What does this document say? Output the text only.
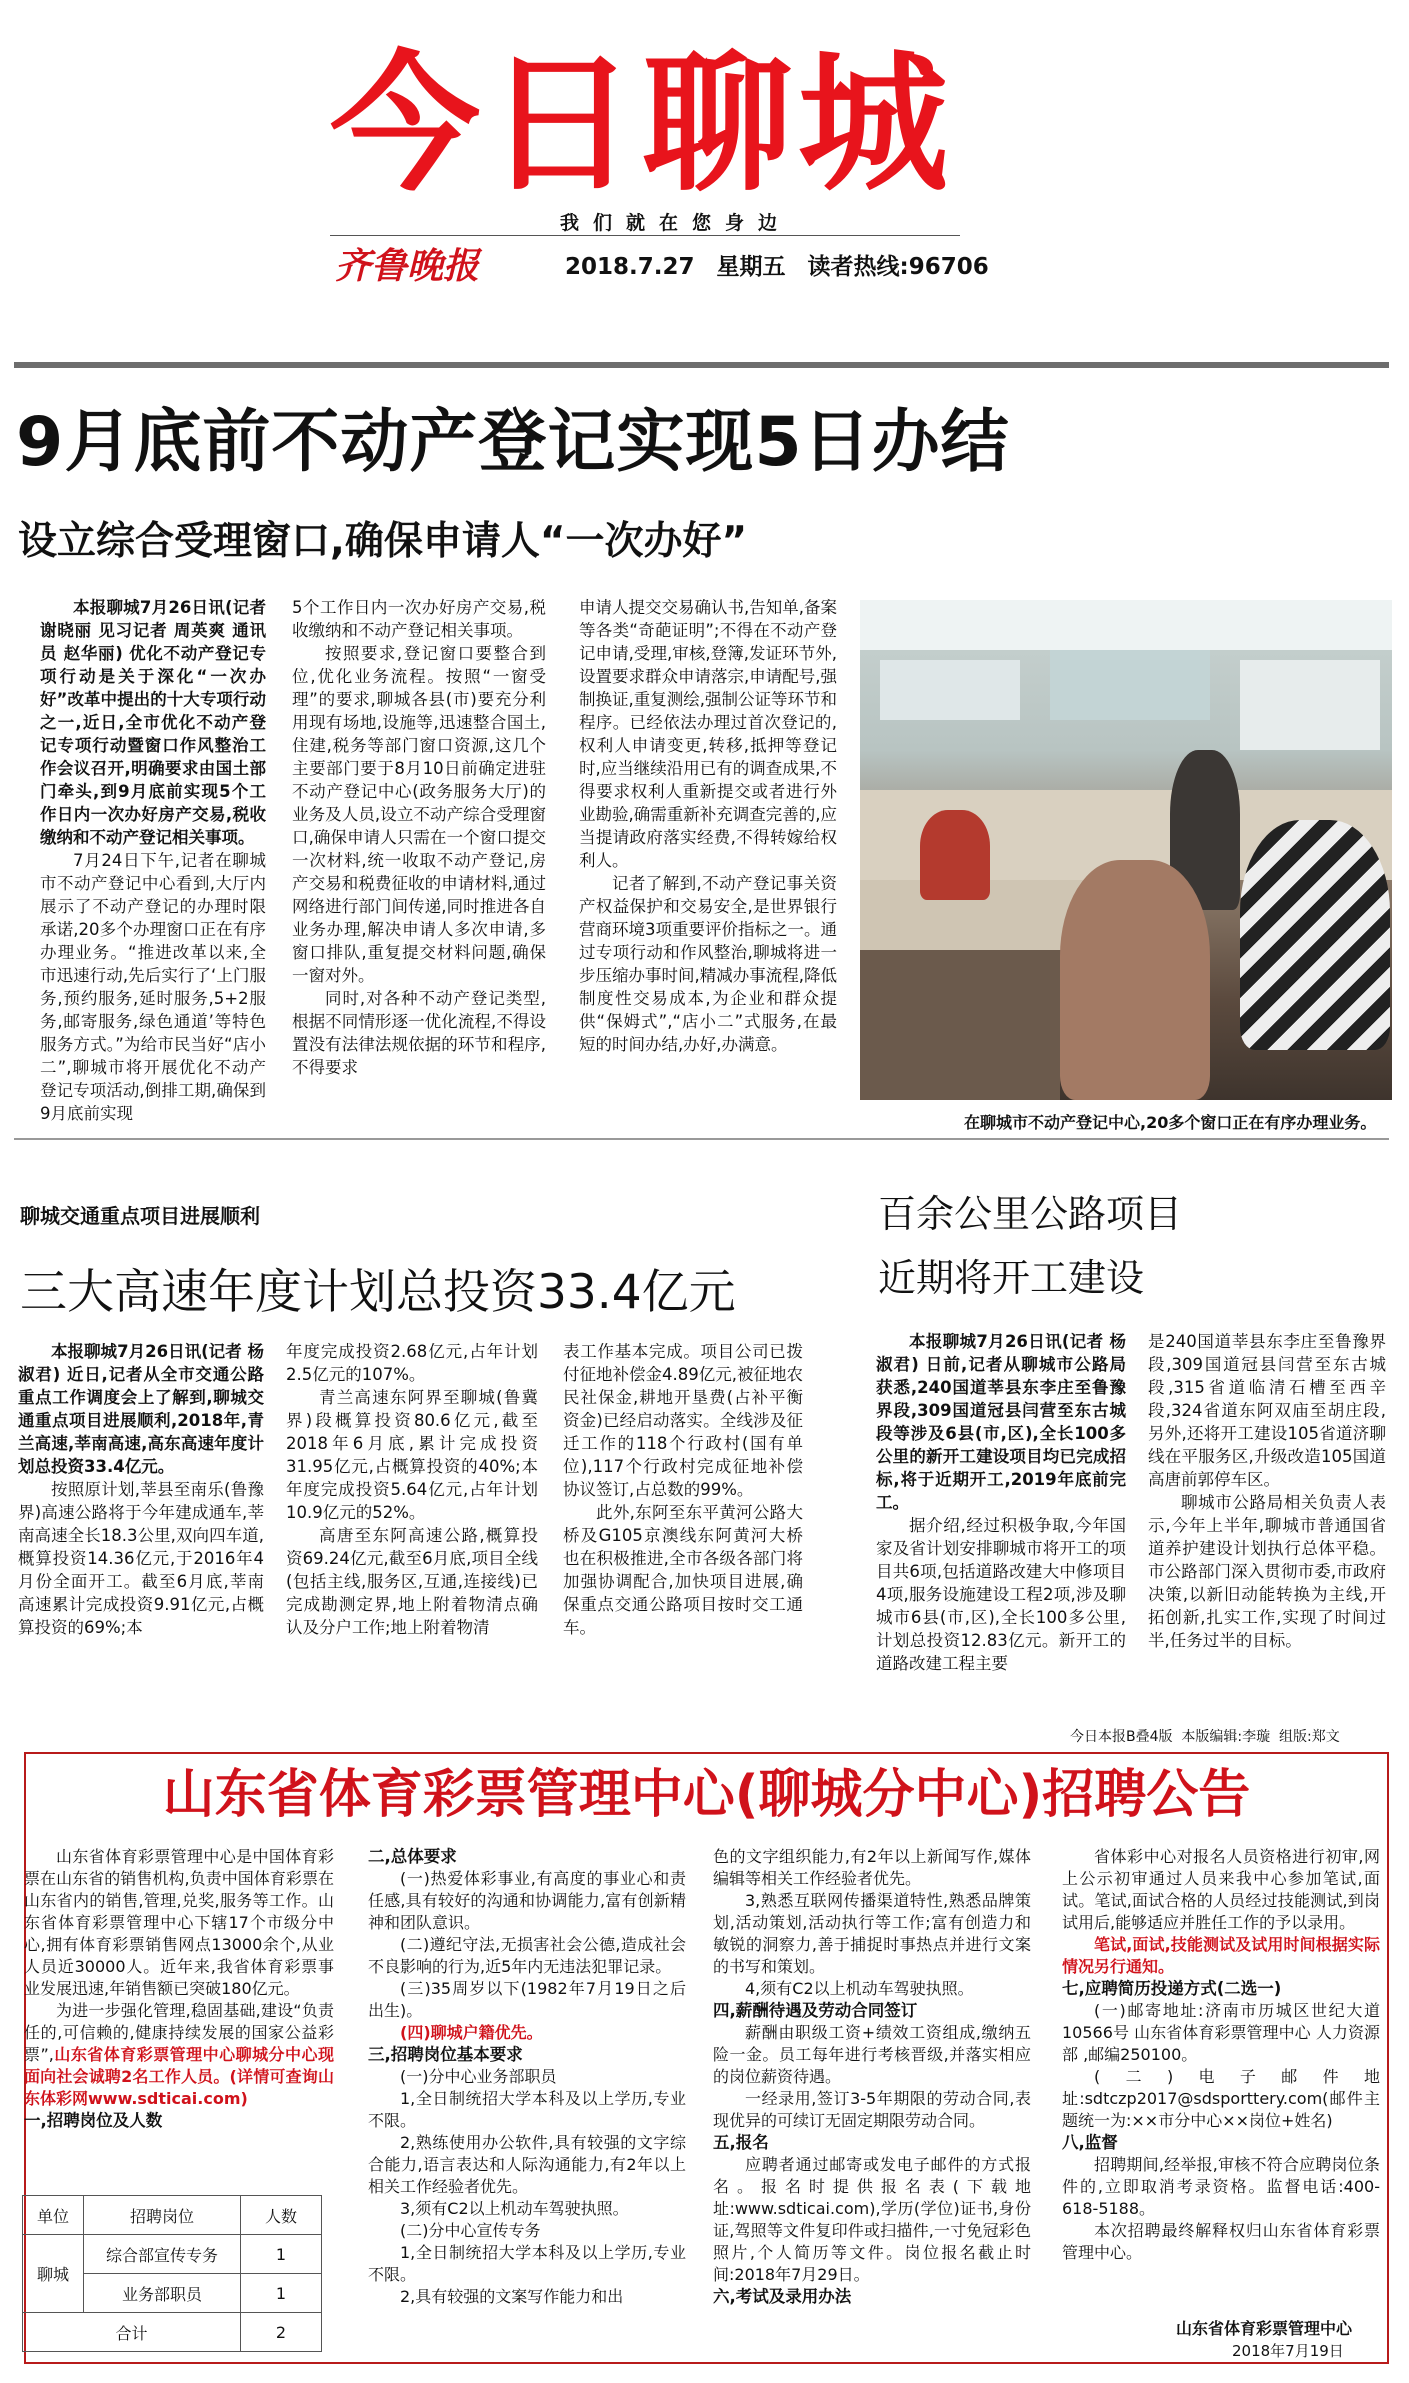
今日聊城
我们就在您身边
齐鲁晚报	2018.7.27 星期五 读者热线:96706
9月底前不动产登记实现5日办结
设立综合受理窗口,确保申请人“一次办好”

本报聊城7月26日讯(记者 谢晓丽 见习记者 周英爽 通讯员 赵华丽) 优化不动产登记专项行动是关于深化“一次办好”改革中提出的十大专项行动之一,近日,全市优化不动产登记专项行动暨窗口作风整治工作会议召开,明确要求由国土部门牵头,到9月底前实现5个工作日内一次办好房产交易,税收缴纳和不动产登记相关事项。

7月24日下午,记者在聊城市不动产登记中心看到,大厅内展示了不动产登记的办理时限承诺,20多个办理窗口正在有序办理业务。“推进改革以来,全市迅速行动,先后实行了‘上门服务,预约服务,延时服务,5+2服务,邮寄服务,绿色通道’等特色服务方式。”为给市民当好“店小二”,聊城市将开展优化不动产登记专项活动,倒排工期,确保到9月底前实现

5个工作日内一次办好房产交易,税收缴纳和不动产登记相关事项。

按照要求,登记窗口要整合到位,优化业务流程。按照“一窗受理”的要求,聊城各县(市)要充分利用现有场地,设施等,迅速整合国土,住建,税务等部门窗口资源,这几个主要部门要于8月10日前确定进驻不动产登记中心(政务服务大厅)的业务及人员,设立不动产综合受理窗口,确保申请人只需在一个窗口提交一次材料,统一收取不动产登记,房产交易和税费征收的申请材料,通过网络进行部门间传递,同时推进各自业务办理,解决申请人多次申请,多窗口排队,重复提交材料问题,确保一窗对外。

同时,对各种不动产登记类型,根据不同情形逐一优化流程,不得设置没有法律法规依据的环节和程序,不得要求

申请人提交交易确认书,告知单,备案等各类“奇葩证明”;不得在不动产登记申请,受理,审核,登簿,发证环节外,设置要求群众申请落宗,申请配号,强制换证,重复测绘,强制公证等环节和程序。已经依法办理过首次登记的,权利人申请变更,转移,抵押等登记时,应当继续沿用已有的调查成果,不得要求权利人重新提交或者进行外业勘验,确需重新补充调查完善的,应当提请政府落实经费,不得转嫁给权利人。

记者了解到,不动产登记事关资产权益保护和交易安全,是世界银行营商环境3项重要评价指标之一。通过专项行动和作风整治,聊城将进一步压缩办事时间,精减办事流程,降低制度性交易成本,为企业和群众提供“保姆式”,“店小二”式服务,在最短的时间办结,办好,办满意。

在聊城市不动产登记中心,20多个窗口正在有序办理业务。
聊城交通重点项目进展顺利
三大高速年度计划总投资33.4亿元

本报聊城7月26日讯(记者 杨淑君) 近日,记者从全市交通公路重点工作调度会上了解到,聊城交通重点项目进展顺利,2018年,青兰高速,莘南高速,高东高速年度计划总投资33.4亿元。

按照原计划,莘县至南乐(鲁豫界)高速公路将于今年建成通车,莘南高速全长18.3公里,双向四车道,概算投资14.36亿元,于2016年4月份全面开工。截至6月底,莘南高速累计完成投资9.91亿元,占概算投资的69%;本

年度完成投资2.68亿元,占年计划2.5亿元的107%。

青兰高速东阿界至聊城(鲁冀界)段概算投资80.6亿元,截至2018年6月底,累计完成投资31.95亿元,占概算投资的40%;本年度完成投资5.64亿元,占年计划10.9亿元的52%。

高唐至东阿高速公路,概算投资69.24亿元,截至6月底,项目全线(包括主线,服务区,互通,连接线)已完成勘测定界,地上附着物清点确认及分户工作;地上附着物清

表工作基本完成。项目公司已拨付征地补偿金4.89亿元,被征地农民社保金,耕地开垦费(占补平衡资金)已经启动落实。全线涉及征迁工作的118个行政村(国有单位),117个行政村完成征地补偿协议签订,占总数的99%。

此外,东阿至东平黄河公路大桥及G105京澳线东阿黄河大桥也在积极推进,全市各级各部门将加强协调配合,加快项目进展,确保重点交通公路项目按时交工通车。

百余公里公路项目
近期将开工建设

本报聊城7月26日讯(记者 杨淑君) 日前,记者从聊城市公路局获悉,240国道莘县东李庄至鲁豫界段,309国道冠县闫营至东古城段等涉及6县(市,区),全长100多公里的新开工建设项目均已完成招标,将于近期开工,2019年底前完工。

据介绍,经过积极争取,今年国家及省计划安排聊城市将开工的项目共6项,包括道路改建大中修项目4项,服务设施建设工程2项,涉及聊城市6县(市,区),全长100多公里,计划总投资12.83亿元。新开工的道路改建工程主要

是240国道莘县东李庄至鲁豫界段,309国道冠县闫营至东古城段,315省道临清石槽至西辛段,324省道东阿双庙至胡庄段,另外,还将开工建设105省道济聊线在平服务区,升级改造105国道高唐前郭停车区。

聊城市公路局相关负责人表示,今年上半年,聊城市普通国省道养护建设计划执行总体平稳。市公路部门深入贯彻市委,市政府决策,以新旧动能转换为主线,开拓创新,扎实工作,实现了时间过半,任务过半的目标。

今日本报B叠4版  本版编辑:李璇  组版:郑文
山东省体育彩票管理中心(聊城分中心)招聘公告

山东省体育彩票管理中心是中国体育彩票在山东省的销售机构,负责中国体育彩票在山东省内的销售,管理,兑奖,服务等工作。山东省体育彩票管理中心下辖17个市级分中心,拥有体育彩票销售网点13000余个,从业人员近30000人。近年来,我省体育彩票事业发展迅速,年销售额已突破180亿元。

为进一步强化管理,稳固基础,建设“负责任的,可信赖的,健康持续发展的国家公益彩票”,山东省体育彩票管理中心聊城分中心现面向社会诚聘2名工作人员。(详情可查询山东体彩网www.sdticai.com)

一,招聘岗位及人数
单位	招聘岗位	人数
聊城	综合部宣传专务	1
	业务部职员	1
合计		2
二,总体要求

(一)热爱体彩事业,有高度的事业心和责任感,具有较好的沟通和协调能力,富有创新精神和团队意识。

(二)遵纪守法,无损害社会公德,造成社会不良影响的行为,近5年内无违法犯罪记录。

(三)35周岁以下(1982年7月19日之后出生)。

(四)聊城户籍优先。

三,招聘岗位基本要求

(一)分中心业务部职员

1,全日制统招大学本科及以上学历,专业不限。

2,熟练使用办公软件,具有较强的文字综合能力,语言表达和人际沟通能力,有2年以上相关工作经验者优先。

3,须有C2以上机动车驾驶执照。

(二)分中心宣传专务

1,全日制统招大学本科及以上学历,专业不限。

2,具有较强的文案写作能力和出

色的文字组织能力,有2年以上新闻写作,媒体编辑等相关工作经验者优先。

3,熟悉互联网传播渠道特性,熟悉品牌策划,活动策划,活动执行等工作;富有创造力和敏锐的洞察力,善于捕捉时事热点并进行文案的书写和策划。

4,须有C2以上机动车驾驶执照。

四,薪酬待遇及劳动合同签订

薪酬由职级工资+绩效工资组成,缴纳五险一金。员工每年进行考核晋级,并落实相应的岗位薪资待遇。

一经录用,签订3-5年期限的劳动合同,表现优异的可续订无固定期限劳动合同。

五,报名

应聘者通过邮寄或发电子邮件的方式报名。报名时提供报名表(下载地址:www.sdticai.com),学历(学位)证书,身份证,驾照等文件复印件或扫描件,一寸免冠彩色照片,个人简历等文件。岗位报名截止时间:2018年7月29日。

六,考试及录用办法

省体彩中心对报名人员资格进行初审,网上公示初审通过人员来我中心参加笔试,面试。笔试,面试合格的人员经过技能测试,到岗试用后,能够适应并胜任工作的予以录用。

笔试,面试,技能测试及试用时间根据实际情况另行通知。

七,应聘简历投递方式(二选一)

(一)邮寄地址:济南市历城区世纪大道10566号 山东省体育彩票管理中心 人力资源部 ,邮编250100。

(二)电子邮件地址:sdtczp2017@sdsporttery.com(邮件主题统一为:××市分中心××岗位+姓名)

八,监督

招聘期间,经举报,审核不符合应聘岗位条件的,立即取消考录资格。监督电话:400-618-5188。

本次招聘最终解释权归山东省体育彩票管理中心。

山东省体育彩票管理中心
2018年7月19日
